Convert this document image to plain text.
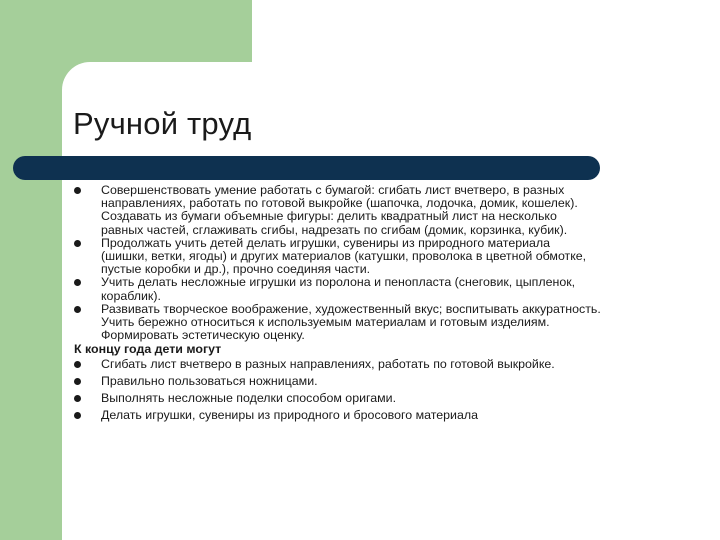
Ручной труд
Совершенствовать умение работать с бумагой: сгибать лист вчетверо, в разных
направлениях, работать по готовой выкройке (шапочка, лодочка, домик, кошелек).
Создавать из бумаги объемные фигуры: делить квадратный лист на несколько
равных частей, сглаживать сгибы, надрезать по сгибам (домик, корзинка, кубик).
Продолжать учить детей делать игрушки, сувениры из природного материала
(шишки, ветки, ягоды) и других материалов (катушки, проволока в цветной обмотке,
пустые коробки и др.), прочно соединяя части.
Учить делать несложные игрушки из поролона и пенопласта (снеговик, цыпленок,
кораблик).
Развивать творческое воображение, художественный вкус; воспитывать аккуратность.
Учить бережно относиться к используемым материалам и готовым изделиям.
Формировать эстетическую оценку.
К концу года дети могут
Сгибать лист вчетверо в разных направлениях, работать по готовой выкройке.
Правильно пользоваться ножницами.
Выполнять несложные поделки способом оригами.
Делать игрушки, сувениры из природного и бросового материала
